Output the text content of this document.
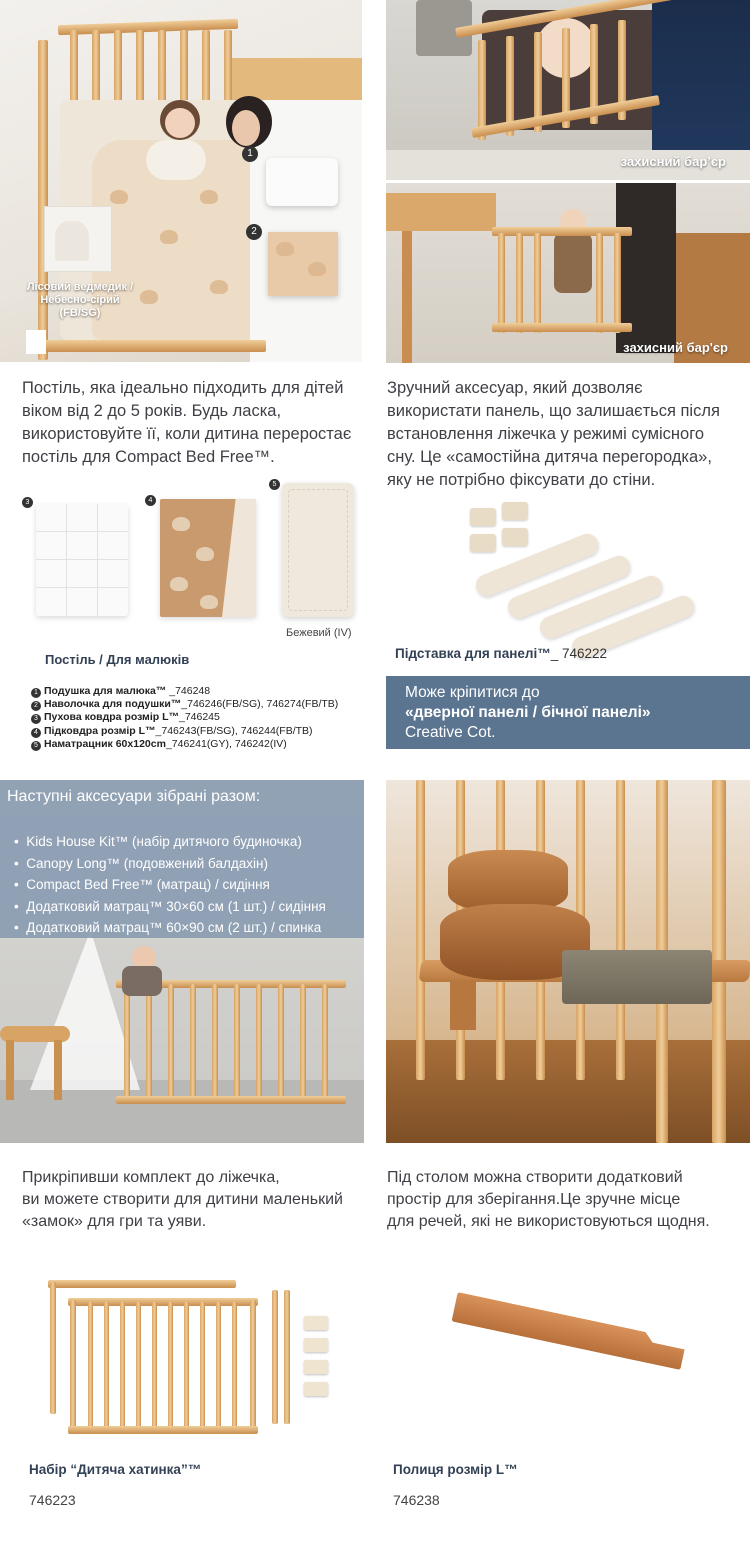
1
2
Лісовий ведмедик /
Небесно-сірий
(FB/SG)
захисний бар’єр
захисний бар'єр
Постіль, яка ідеально підходить для дітей віком від 2 до 5 років. Будь ласка, використовуйте її, коли дитина переростає постіль для Compact Bed Free™.
Зручний аксесуар, який дозволяє використати панель, що залишається після встановлення ліжечка у режимі сумісного сну. Це «самостійна дитяча перегородка», яку не потрібно фіксувати до стіни.
3	4
5
Бежевий (IV)
Постіль / Для малюків
1 Подушка для малюка™ _746248
2 Наволочка для подушки™_746246(FB/SG), 746274(FB/TB)
3 Пухова ковдра розмір L™_746245
4 Підковдра розмір L™_746243(FB/SG), 746244(FB/TB)
5 Наматрацник 60x120cm_746241(GY), 746242(IV)
Підставка для панелі™_ 746222
Може кріпитися до
«дверної панелі / бічної панелі»
Creative Cot.
Наступні аксесуари зібрані разом:
•  Kids House Kit™ (набір дитячого будиночка)
•  Canopy Long™ (подовжений балдахін)
•  Compact Bed Free™ (матрац) / сидіння
•  Додатковий матрац™ 30×60 см (1 шт.) / сидіння
•  Додатковий матрац™ 60×90 см (2 шт.) / спинка
Прикріпивши комплект до ліжечка,
ви можете створити для дитини маленький
«замок» для гри та уяви.
Під столом можна створити додатковий
простір для зберігання.Це зручне місце
для речей, які не використовуються щодня.
Набір “Дитяча хатинка”™
746223
Полиця розмір L™
746238
